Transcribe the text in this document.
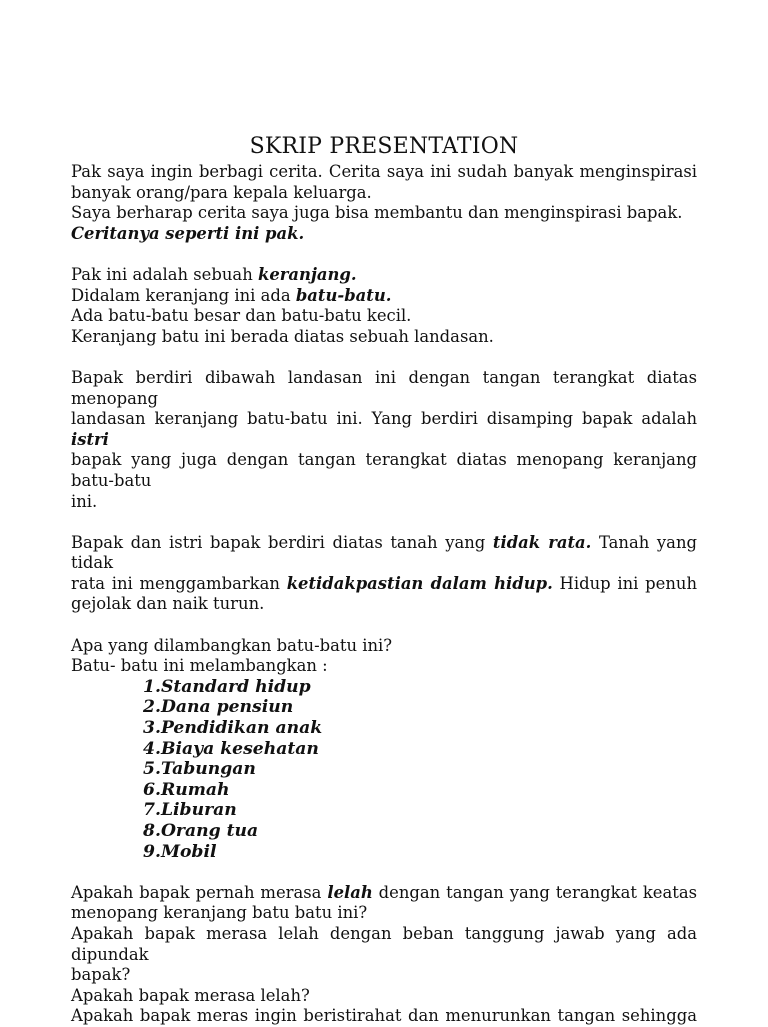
SKRIP PRESENTATION
Pak saya ingin berbagi cerita. Cerita saya ini sudah banyak menginspirasi
banyak orang/para kepala keluarga.
Saya berharap cerita saya juga bisa membantu dan menginspirasi bapak.
Ceritanya seperti ini pak.
Pak ini adalah sebuah keranjang.
Didalam keranjang ini ada batu-batu.
Ada batu-batu besar dan batu-batu kecil.
Keranjang batu ini berada diatas sebuah landasan.
Bapak berdiri dibawah landasan ini dengan tangan terangkat diatas menopang
landasan keranjang batu-batu ini. Yang berdiri disamping bapak adalah istri
bapak yang juga dengan tangan terangkat diatas menopang keranjang batu-batu
ini.
Bapak dan istri bapak berdiri diatas tanah yang tidak rata. Tanah yang tidak
rata ini menggambarkan ketidakpastian dalam hidup. Hidup ini penuh
gejolak dan naik turun.
Apa yang dilambangkan batu-batu ini?
Batu- batu ini melambangkan :
1.Standard hidup
2.Dana pensiun
3.Pendidikan anak
4.Biaya kesehatan
5.Tabungan
6.Rumah
7.Liburan
8.Orang tua
9.Mobil
Apakah bapak pernah merasa lelah dengan tangan yang terangkat keatas
menopang keranjang batu batu ini?
Apakah bapak merasa lelah dengan beban tanggung jawab yang ada dipundak
bapak?
Apakah bapak merasa lelah?
Apakah bapak meras ingin beristirahat dan menurunkan tangan sehingga
